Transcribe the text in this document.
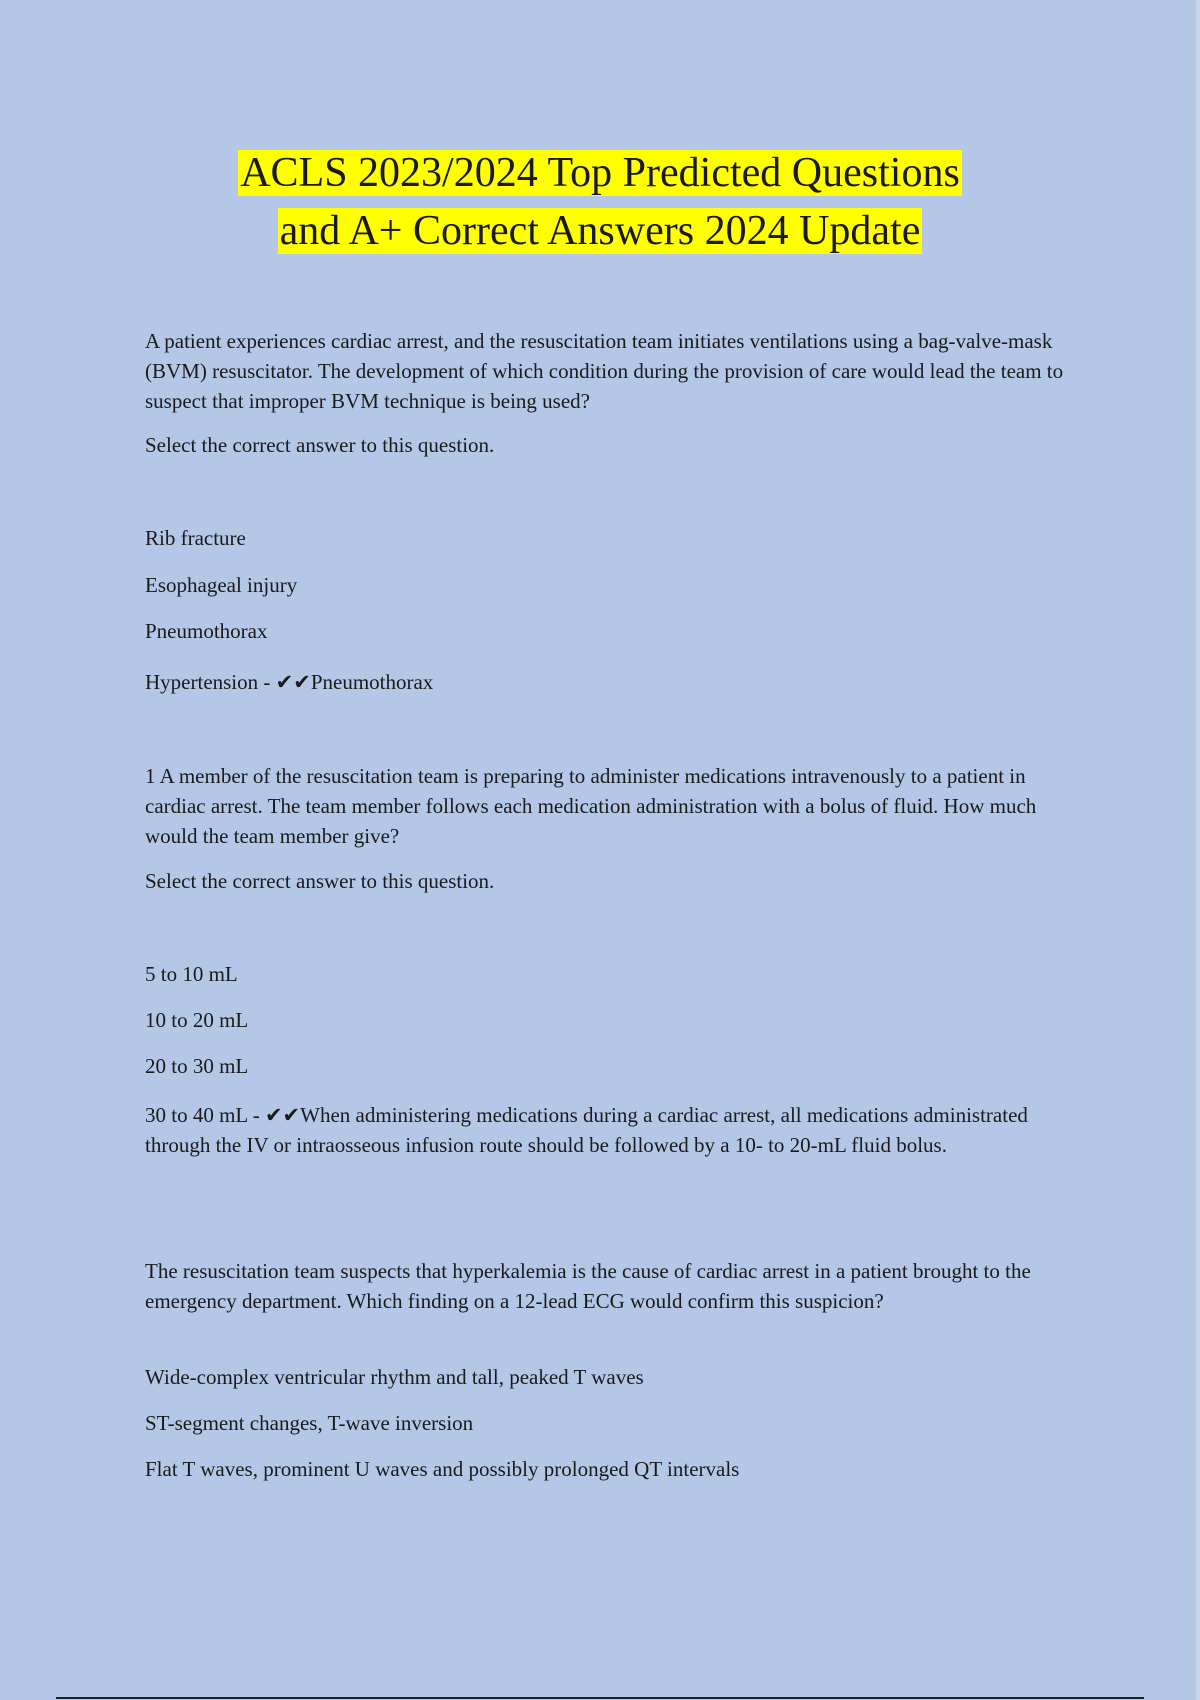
ACLS 2023/2024 Top Predicted Questions
and A+ Correct Answers 2024 Update

A patient experiences cardiac arrest, and the resuscitation team initiates ventilations using a bag-valve-mask (BVM) resuscitator. The development of which condition during the provision of care would lead the team to suspect that improper BVM technique is being used?

Select the correct answer to this question.

Rib fracture

Esophageal injury

Pneumothorax

Hypertension - ✔✔Pneumothorax

1 A member of the resuscitation team is preparing to administer medications intravenously to a patient in cardiac arrest. The team member follows each medication administration with a bolus of fluid. How much would the team member give?

Select the correct answer to this question.

5 to 10 mL

10 to 20 mL

20 to 30 mL

30 to 40 mL - ✔✔When administering medications during a cardiac arrest, all medications administrated through the IV or intraosseous infusion route should be followed by a 10- to 20-mL fluid bolus.

The resuscitation team suspects that hyperkalemia is the cause of cardiac arrest in a patient brought to the emergency department. Which finding on a 12-lead ECG would confirm this suspicion?

Wide-complex ventricular rhythm and tall, peaked T waves

ST-segment changes, T-wave inversion

Flat T waves, prominent U waves and possibly prolonged QT intervals
